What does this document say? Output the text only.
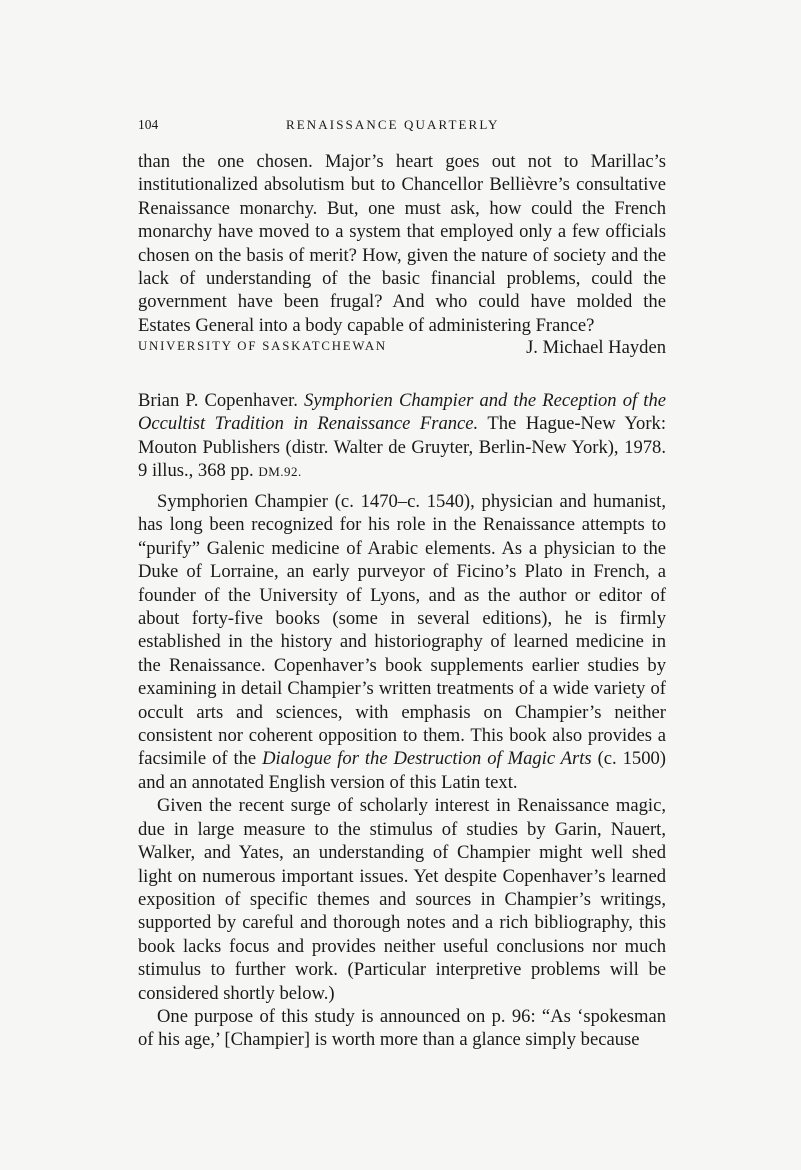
104	RENAISSANCE QUARTERLY

than the one chosen. Major’s heart goes out not to Marillac’s institutionalized absolutism but to Chancellor Bellièvre’s consultative Renaissance monarchy. But, one must ask, how could the French monarchy have moved to a system that employed only a few officials chosen on the basis of merit? How, given the nature of society and the lack of understanding of the basic financial problems, could the government have been frugal? And who could have molded the Estates General into a body capable of administering France?

UNIVERSITY OF SASKATCHEWAN	J. Michael Hayden

Brian P. Copenhaver. Symphorien Champier and the Reception of the Occultist Tradition in Renaissance France. The Hague-New York: Mouton Publishers (distr. Walter de Gruyter, Berlin-New York), 1978. 9 illus., 368 pp. DM.92.

Symphorien Champier (c. 1470–c. 1540), physician and humanist, has long been recognized for his role in the Renaissance attempts to “purify” Galenic medicine of Arabic elements. As a physician to the Duke of Lorraine, an early purveyor of Ficino’s Plato in French, a founder of the University of Lyons, and as the author or editor of about forty-five books (some in several editions), he is firmly established in the history and historiography of learned medicine in the Renaissance. Copenhaver’s book supplements earlier studies by examining in detail Champier’s written treatments of a wide variety of occult arts and sciences, with emphasis on Champier’s neither consistent nor coherent opposition to them. This book also provides a facsimile of the Dialogue for the Destruction of Magic Arts (c. 1500) and an annotated English version of this Latin text.

Given the recent surge of scholarly interest in Renaissance magic, due in large measure to the stimulus of studies by Garin, Nauert, Walker, and Yates, an understanding of Champier might well shed light on numerous important issues. Yet despite Copenhaver’s learned exposition of specific themes and sources in Champier’s writings, supported by careful and thorough notes and a rich bibliography, this book lacks focus and provides neither useful conclusions nor much stimulus to further work. (Particular interpretive problems will be considered shortly below.)

One purpose of this study is announced on p. 96: “As ‘spokesman of his age,’ [Champier] is worth more than a glance simply because
